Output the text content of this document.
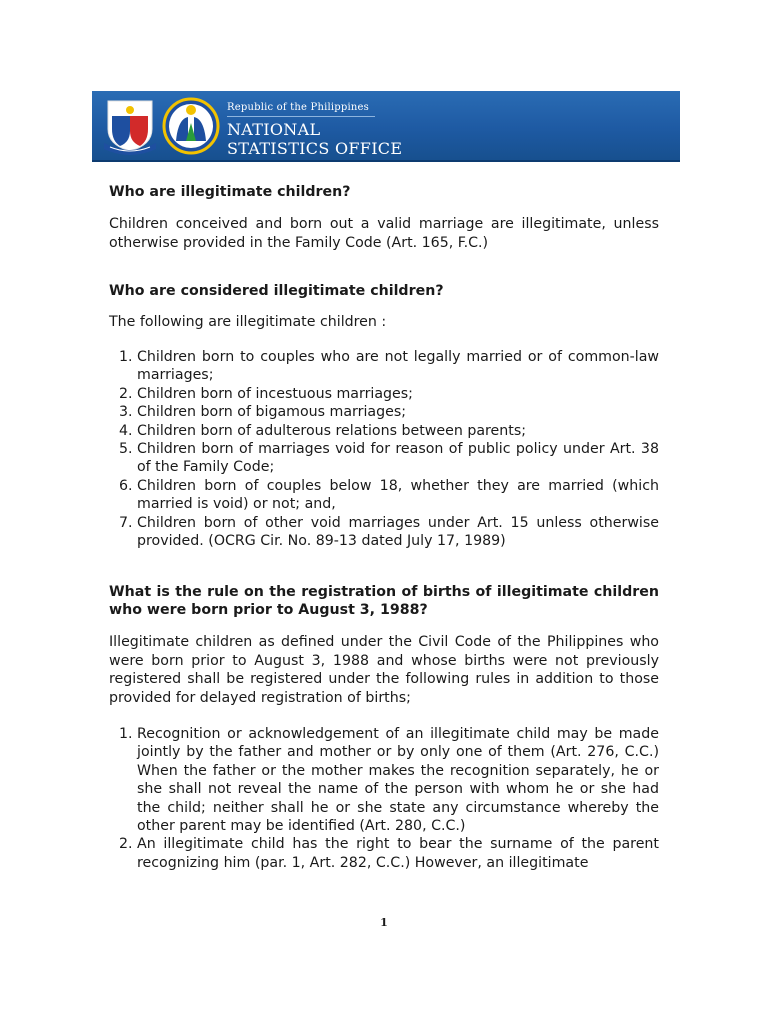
Republic of the Philippines
NATIONAL
STATISTICS OFFICE

Who are illegitimate children?

Children conceived and born out a valid marriage are illegitimate, unless otherwise provided in the Family Code (Art. 165, F.C.)

Who are considered illegitimate children?

The following are illegitimate children :

1. Children born to couples who are not legally married or of common-law marriages;
2. Children born of incestuous marriages;
3. Children born of bigamous marriages;
4. Children born of adulterous relations between parents;
5. Children born of marriages void for reason of public policy under Art. 38 of the Family Code;
6. Children born of couples below 18, whether they are married (which married is void) or not; and,
7. Children born of other void marriages under Art. 15 unless otherwise provided. (OCRG Cir. No. 89-13 dated July 17, 1989)

What is the rule on the registration of births of illegitimate children who were born prior to August 3, 1988?

Illegitimate children as defined under the Civil Code of the Philippines who were born prior to August 3, 1988 and whose births were not previously registered shall be registered under the following rules in addition to those provided for delayed registration of births;

1. Recognition or acknowledgement of an illegitimate child may be made jointly by the father and mother or by only one of them (Art. 276, C.C.) When the father or the mother makes the recognition separately, he or she shall not reveal the name of the person with whom he or she had the child; neither shall he or she state any circumstance whereby the other parent may be identified (Art. 280, C.C.)
2. An illegitimate child has the right to bear the surname of the parent recognizing him (par. 1, Art. 282, C.C.) However, an illegitimate
1
